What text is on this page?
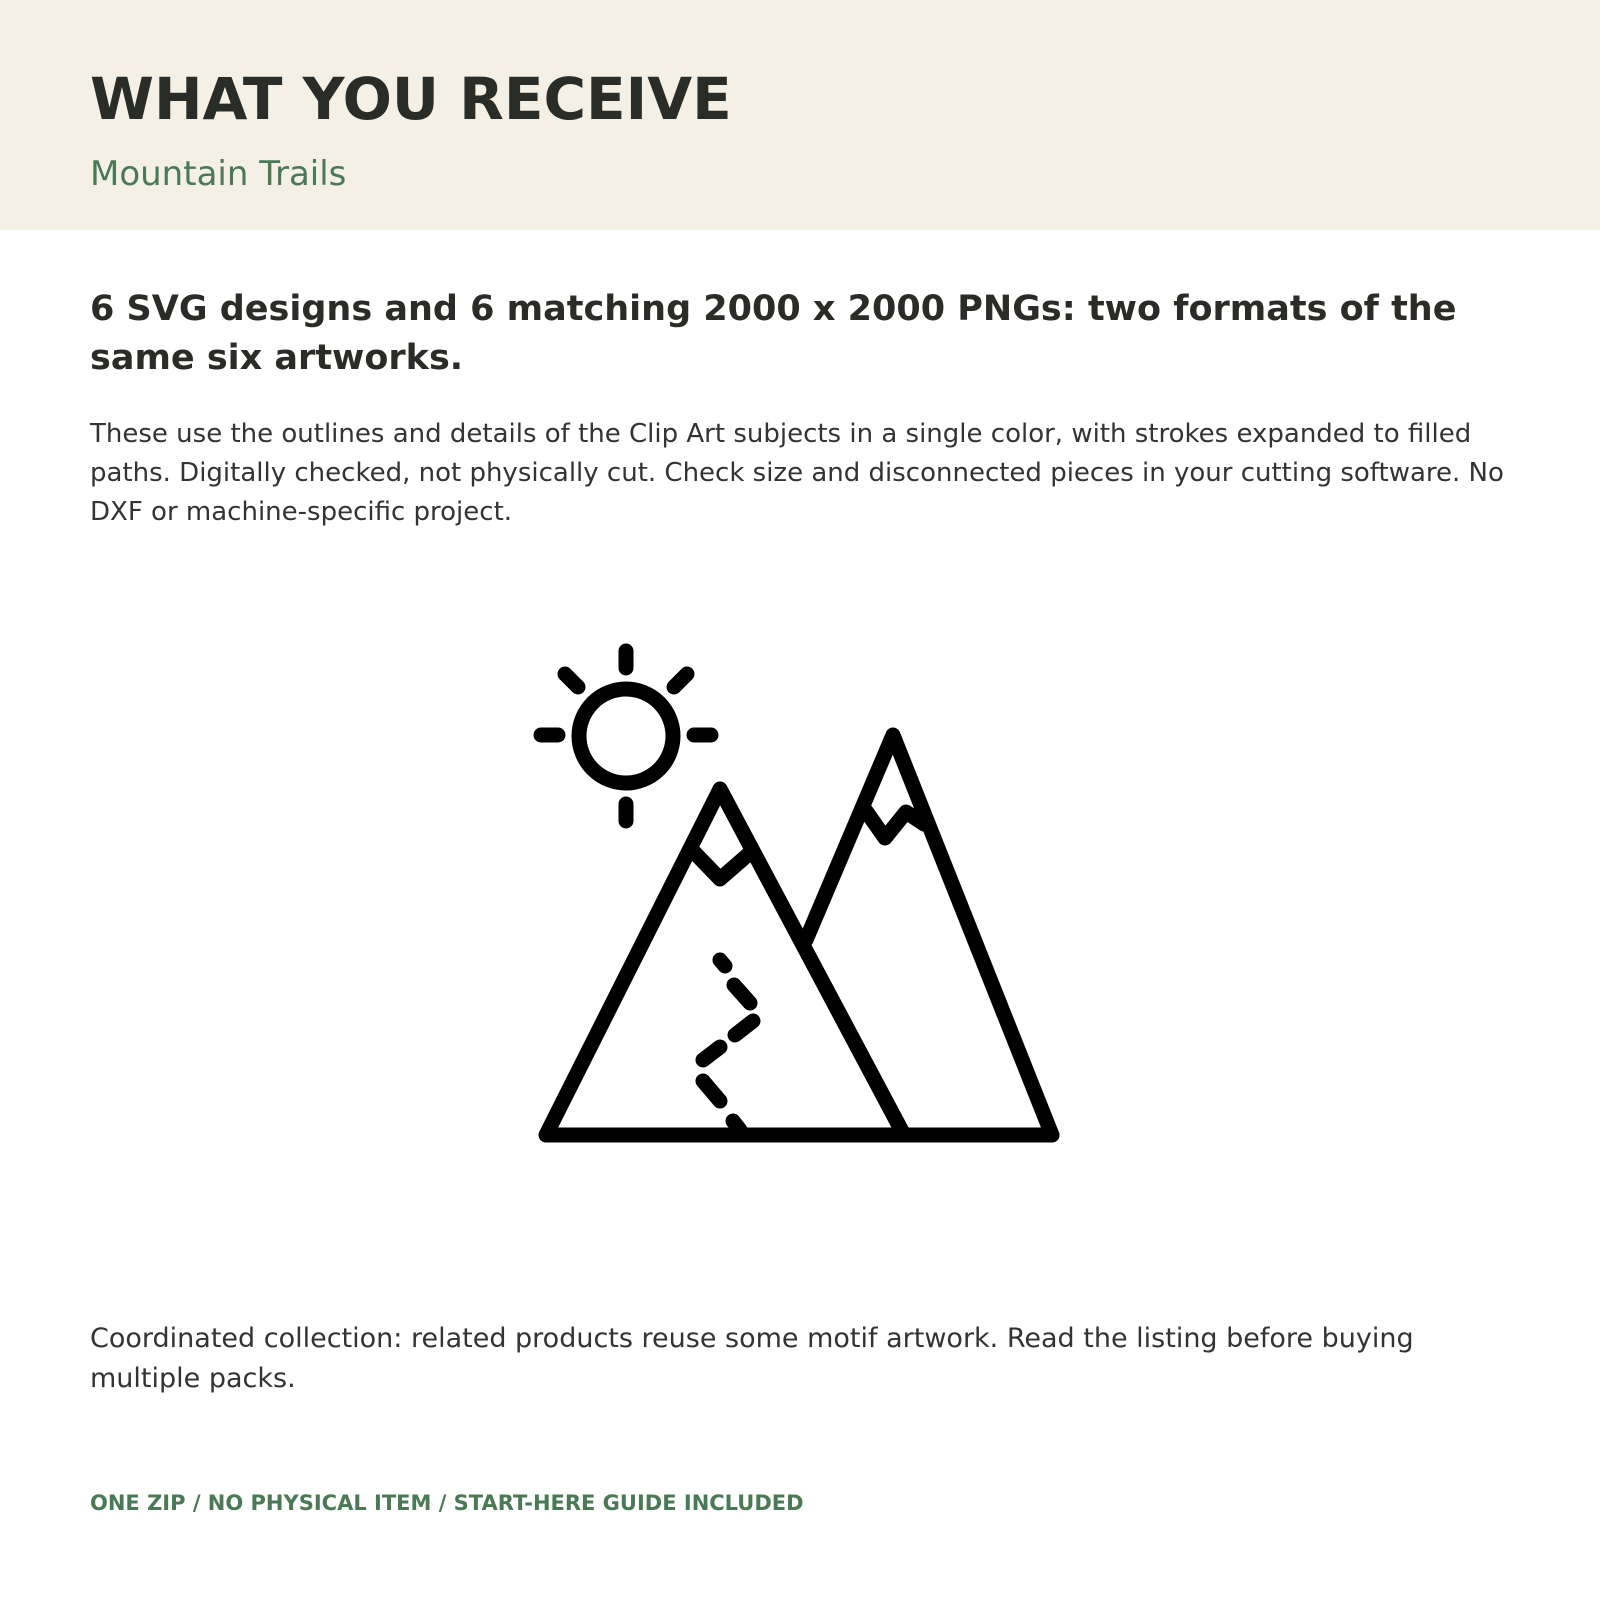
WHAT YOU RECEIVE

Mountain Trails

6 SVG designs and 6 matching 2000 x 2000 PNGs: two formats of the same six artworks.

These use the outlines and details of the Clip Art subjects in a single color, with strokes expanded to filled paths. Digitally checked, not physically cut. Check size and disconnected pieces in your cutting software. No DXF or machine-specific project.

Coordinated collection: related products reuse some motif artwork. Read the listing before buying multiple packs.

ONE ZIP / NO PHYSICAL ITEM / START-HERE GUIDE INCLUDED
